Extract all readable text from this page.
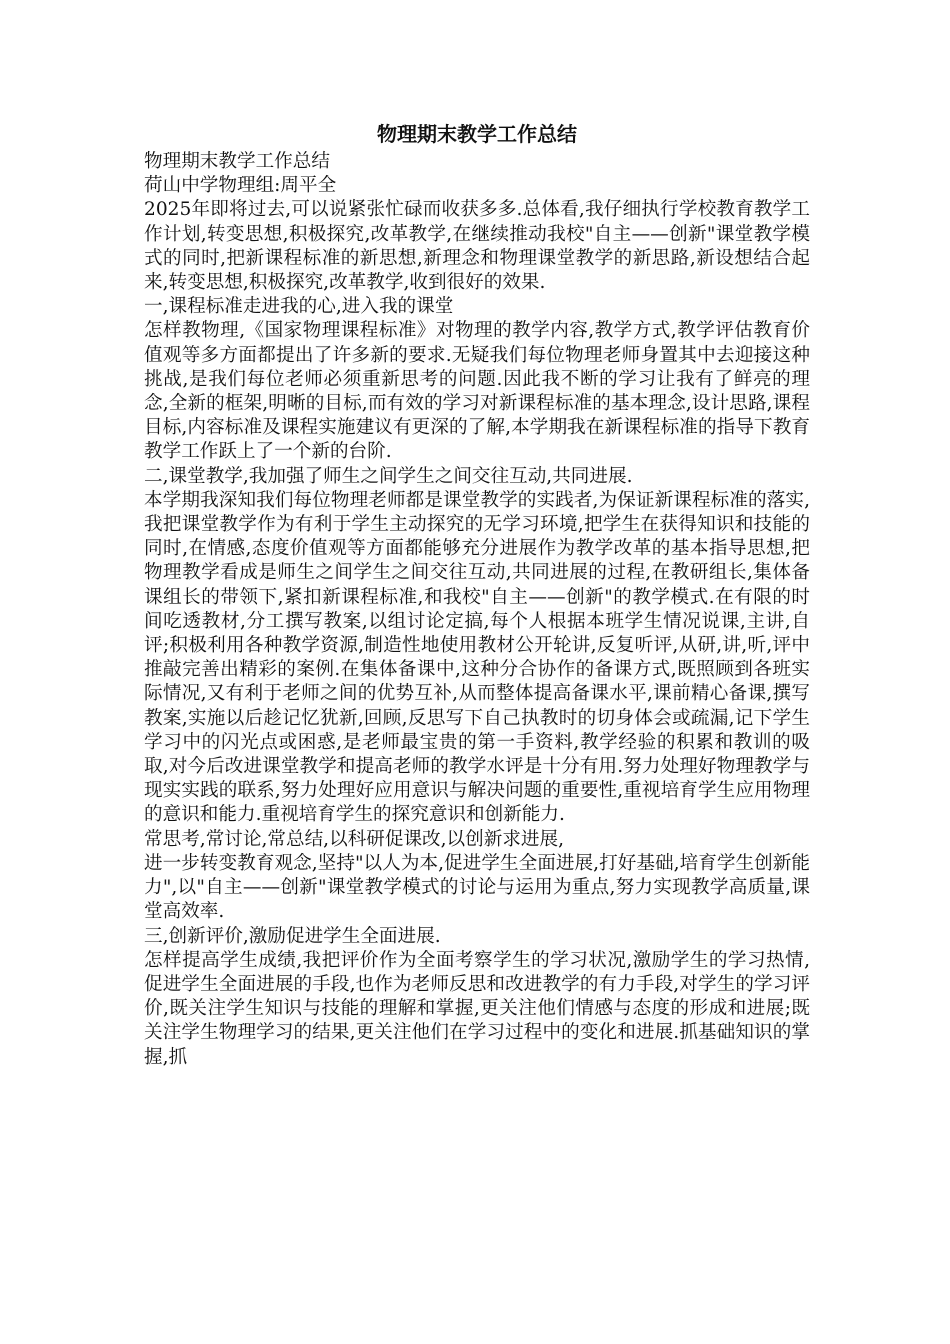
物理期末教学工作总结

物理期末教学工作总结

荷山中学物理组:周平全

2025年即将过去,可以说紧张忙碌而收获多多.总体看,我仔细执行学校教育教学工作计划,转变思想,积极探究,改革教学,在继续推动我校"自主——创新"课堂教学模式的同时,把新课程标准的新思想,新理念和物理课堂教学的新思路,新设想结合起来,转变思想,积极探究,改革教学,收到很好的效果.

一,课程标准走进我的心,进入我的课堂

怎样教物理,《国家物理课程标准》对物理的教学内容,教学方式,教学评估教育价值观等多方面都提出了许多新的要求.无疑我们每位物理老师身置其中去迎接这种挑战,是我们每位老师必须重新思考的问题.因此我不断的学习让我有了鲜亮的理念,全新的框架,明晰的目标,而有效的学习对新课程标准的基本理念,设计思路,课程目标,内容标准及课程实施建议有更深的了解,本学期我在新课程标准的指导下教育教学工作跃上了一个新的台阶.

二,课堂教学,我加强了师生之间学生之间交往互动,共同进展.

本学期我深知我们每位物理老师都是课堂教学的实践者,为保证新课程标准的落实,我把课堂教学作为有利于学生主动探究的无学习环境,把学生在获得知识和技能的同时,在情感,态度价值观等方面都能够充分进展作为教学改革的基本指导思想,把物理教学看成是师生之间学生之间交往互动,共同进展的过程,在教研组长,集体备课组长的带领下,紧扣新课程标准,和我校"自主——创新"的教学模式.在有限的时间吃透教材,分工撰写教案,以组讨论定搞,每个人根据本班学生情况说课,主讲,自评;积极利用各种教学资源,制造性地使用教材公开轮讲,反复听评,从研,讲,听,评中推敲完善出精彩的案例.在集体备课中,这种分合协作的备课方式,既照顾到各班实际情况,又有利于老师之间的优势互补,从而整体提高备课水平,课前精心备课,撰写教案,实施以后趁记忆犹新,回顾,反思写下自己执教时的切身体会或疏漏,记下学生学习中的闪光点或困惑,是老师最宝贵的第一手资料,教学经验的积累和教训的吸取,对今后改进课堂教学和提高老师的教学水评是十分有用.努力处理好物理教学与现实实践的联系,努力处理好应用意识与解决问题的重要性,重视培育学生应用物理的意识和能力.重视培育学生的探究意识和创新能力.

常思考,常讨论,常总结,以科研促课改,以创新求进展,

进一步转变教育观念,坚持"以人为本,促进学生全面进展,打好基础,培育学生创新能力",以"自主——创新"课堂教学模式的讨论与运用为重点,努力实现教学高质量,课堂高效率.

三,创新评价,激励促进学生全面进展.

怎样提高学生成绩,我把评价作为全面考察学生的学习状况,激励学生的学习热情,促进学生全面进展的手段,也作为老师反思和改进教学的有力手段,对学生的学习评价,既关注学生知识与技能的理解和掌握,更关注他们情感与态度的形成和进展;既关注学生物理学习的结果,更关注他们在学习过程中的变化和进展.抓基础知识的掌握,抓
